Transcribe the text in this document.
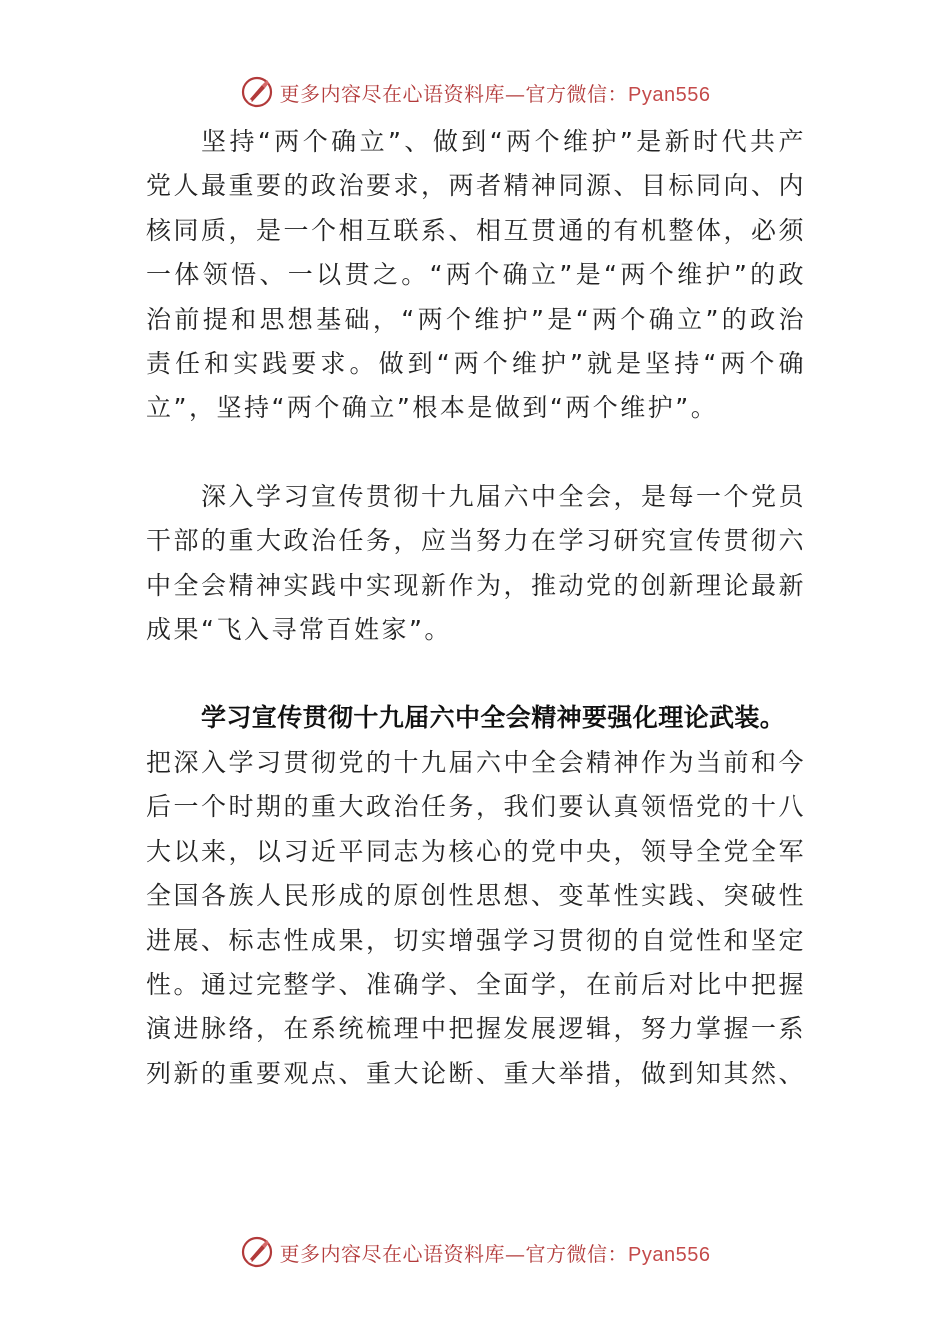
更多内容尽在心语资料库—官方微信：Pyan556

坚持“两个确立”、做到“两个维护”是新时代共产党人最重要的政治要求，两者精神同源、目标同向、内核同质，是一个相互联系、相互贯通的有机整体，必须一体领悟、一以贯之。“两个确立”是“两个维护”的政治前提和思想基础，“两个维护”是“两个确立”的政治责任和实践要求。做到“两个维护”就是坚持“两个确立”，坚持“两个确立”根本是做到“两个维护”。

深入学习宣传贯彻十九届六中全会，是每一个党员干部的重大政治任务，应当努力在学习研究宣传贯彻六中全会精神实践中实现新作为，推动党的创新理论最新成果“飞入寻常百姓家”。

学习宣传贯彻十九届六中全会精神要强化理论武装。

把深入学习贯彻党的十九届六中全会精神作为当前和今后一个时期的重大政治任务，我们要认真领悟党的十八大以来，以习近平同志为核心的党中央，领导全党全军全国各族人民形成的原创性思想、变革性实践、突破性进展、标志性成果，切实增强学习贯彻的自觉性和坚定性。通过完整学、准确学、全面学，在前后对比中把握演进脉络，在系统梳理中把握发展逻辑，努力掌握一系列新的重要观点、重大论断、重大举措，做到知其然、

更多内容尽在心语资料库—官方微信：Pyan556
